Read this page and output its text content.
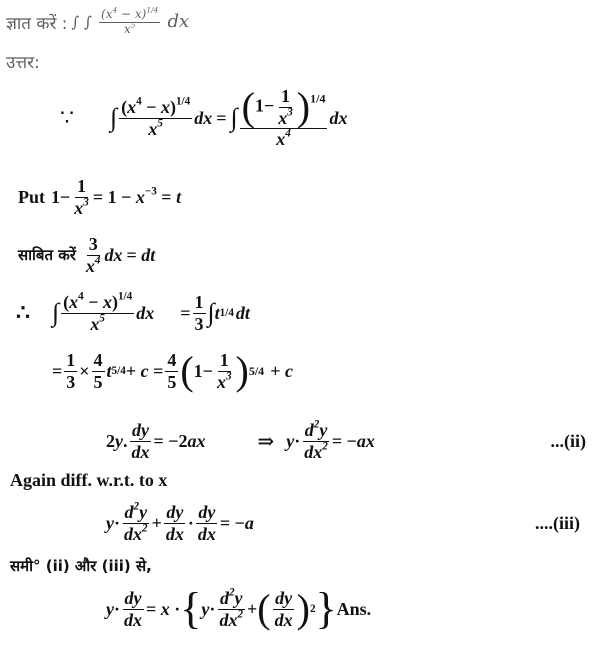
ज्ञात करें : ∫ ∫ $\frac{(x^4 - x)^{1/4}}{x^5}$ dx
उत्तर:
∵ ∫ $\frac{(x^4 - x)^{1/4}}{x^5}$ dx = ∫ $\frac{(1- \frac{1}{x^3} )^{1/4}}{x^4}$ dx
Put $1- \frac{1}{x^3} = 1 - x^{-3} = t$
साबित करें $\frac{3}{x^4}$ dx = dt
∴ ∫ $\frac{(x^4 - x)^{1/4}}{x^5}$ dx = $\frac{1}{3}$ ∫ t 1/4 dt
= $\frac{1}{3} \times \frac{4}{5}$ t $5/4 + c = \frac{4}{5}$ ( $1- \frac{1}{x^3}$ ) 5/4 + c
2y. $\frac{dy}{dx} = -2ax$	⇒ $y \cdot \frac{d^2y}{dx^2} = -ax$	...(ii)
Again diff. w.r.t. to x
$y \cdot \frac{d^2y}{dx^2} + \frac{dy}{dx} \cdot \frac{dy}{dx} = -a$	....(iii)
समी° (ii) और (iii) से,
$y \cdot \frac{dy}{dx} = x$ · { $y \cdot \frac{d^2y}{dx^2}$ + ( $\frac{dy}{dx}$ ) 2 } Ans.
